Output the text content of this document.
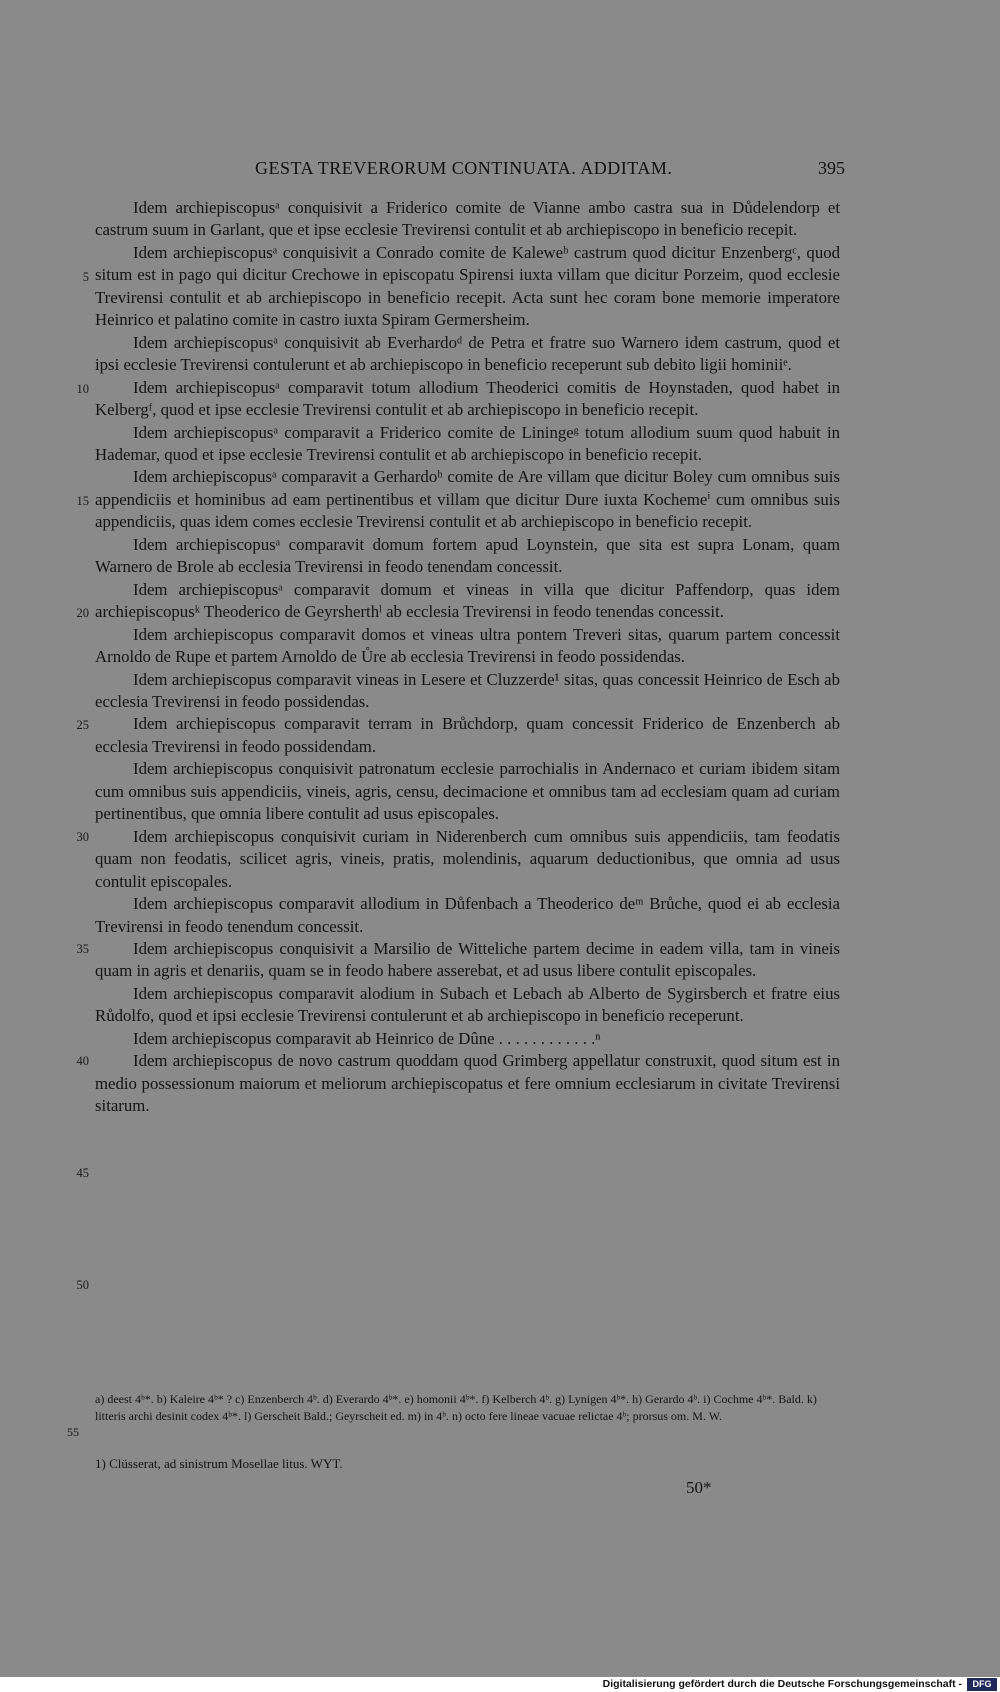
GESTA TREVERORUM CONTINUATA. ADDITAM.	395
5
10
15
20
25
30
35
40
45
50

Idem archiepiscopusᵃ conquisivit a Friderico comite de Vianne ambo castra sua in Důdelendorp et castrum suum in Garlant, que et ipse ecclesie Trevirensi contulit et ab archiepiscopo in beneficio recepit.

Idem archiepiscopusᵃ conquisivit a Conrado comite de Kaleweᵇ castrum quod dicitur Enzenbergᶜ, quod situm est in pago qui dicitur Crechowe in episcopatu Spirensi iuxta villam que dicitur Porzeim, quod ecclesie Trevirensi contulit et ab archiepiscopo in beneficio recepit. Acta sunt hec coram bone memorie imperatore Heinrico et palatino comite in castro iuxta Spiram Germersheim.

Idem archiepiscopusᵃ conquisivit ab Everhardoᵈ de Petra et fratre suo Warnero idem castrum, quod et ipsi ecclesie Trevirensi contulerunt et ab archiepiscopo in beneficio receperunt sub debito ligii hominiiᵉ.

Idem archiepiscopusᵃ comparavit totum allodium Theoderici comitis de Hoynstaden, quod habet in Kelbergᶠ, quod et ipse ecclesie Trevirensi contulit et ab archiepiscopo in beneficio recepit.

Idem archiepiscopusᵃ comparavit a Friderico comite de Liningeᵍ totum allodium suum quod habuit in Hademar, quod et ipse ecclesie Trevirensi contulit et ab archiepiscopo in beneficio recepit.

Idem archiepiscopusᵃ comparavit a Gerhardoʰ comite de Are villam que dicitur Boley cum omnibus suis appendiciis et hominibus ad eam pertinentibus et villam que dicitur Dure iuxta Kochemeⁱ cum omnibus suis appendiciis, quas idem comes ecclesie Trevirensi contulit et ab archiepiscopo in beneficio recepit.

Idem archiepiscopusᵃ comparavit domum fortem apud Loynstein, que sita est supra Lonam, quam Warnero de Brole ab ecclesia Trevirensi in feodo tenendam concessit.

Idem archiepiscopusᵃ comparavit domum et vineas in villa que dicitur Paffendorp, quas idem archiepiscopusᵏ Theoderico de Geyrsherthˡ ab ecclesia Trevirensi in feodo tenendas concessit.

Idem archiepiscopus comparavit domos et vineas ultra pontem Treveri sitas, quarum partem concessit Arnoldo de Rupe et partem Arnoldo de Ůre ab ecclesia Trevirensi in feodo possidendas.

Idem archiepiscopus comparavit vineas in Lesere et Cluzzerde¹ sitas, quas concessit Heinrico de Esch ab ecclesia Trevirensi in feodo possidendas.

Idem archiepiscopus comparavit terram in Brůchdorp, quam concessit Friderico de Enzenberch ab ecclesia Trevirensi in feodo possidendam.

Idem archiepiscopus conquisivit patronatum ecclesie parrochialis in Andernaco et curiam ibidem sitam cum omnibus suis appendiciis, vineis, agris, censu, decimacione et omnibus tam ad ecclesiam quam ad curiam pertinentibus, que omnia libere contulit ad usus episcopales.

Idem archiepiscopus conquisivit curiam in Niderenberch cum omnibus suis appendiciis, tam feodatis quam non feodatis, scilicet agris, vineis, pratis, molendinis, aquarum deductionibus, que omnia ad usus contulit episcopales.

Idem archiepiscopus comparavit allodium in Důfenbach a Theoderico deᵐ Brůche, quod ei ab ecclesia Trevirensi in feodo tenendum concessit.

Idem archiepiscopus conquisivit a Marsilio de Witteliche partem decime in eadem villa, tam in vineis quam in agris et denariis, quam se in feodo habere asserebat, et ad usus libere contulit episcopales.

Idem archiepiscopus comparavit alodium in Subach et Lebach ab Alberto de Sygirsberch et fratre eius Růdolfo, quod et ipsi ecclesie Trevirensi contulerunt et ab archiepiscopo in beneficio receperunt.

Idem archiepiscopus comparavit ab Heinrico de Dûne . . . . . . . . . . . .ⁿ

Idem archiepiscopus de novo castrum quoddam quod Grimberg appellatur construxit, quod situm est in medio possessionum maiorum et meliorum archiepiscopatus et fere omnium ecclesiarum in civitate Trevirensi sitarum.

55
a) deest 4ᵇ*. b) Kaleire 4ᵇ* ? c) Enzenberch 4ᵇ. d) Everardo 4ᵇ*. e) homonii 4ᵇ*. f) Kelberch 4ᵇ. g) Lynigen 4ᵇ*. h) Gerardo 4ᵇ. i) Cochme 4ᵇ*. Bald. k) litteris archi desinit codex 4ᵇ*. l) Gerscheit Bald.; Geyrscheit ed. m) in 4ᵇ. n) octo fere lineae vacuae relictae 4ᵇ; prorsus om. M. W.
1) Clüsserat, ad sinistrum Mosellae litus. WYT.
50*
Digitalisierung gefördert durch die Deutsche Forschungsgemeinschaft -	DFG
